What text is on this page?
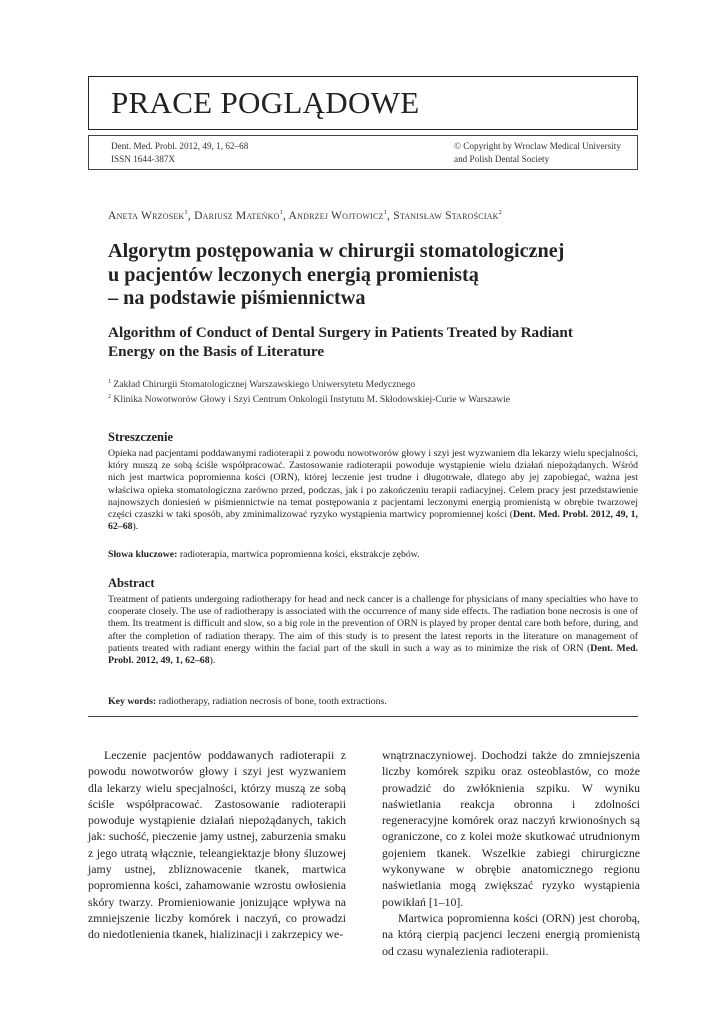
PRACE POGLĄDOWE
Dent. Med. Probl. 2012, 49, 1, 62–68
ISSN 1644-387X
© Copyright by Wroclaw Medical University
and Polish Dental Society
Aneta Wrzosek$^1$, Dariusz Mateńko$^1$, Andrzej Wojtowicz$^1$, Stanisław Starościak$^2$
Algorytm postępowania w chirurgii stomatologicznej
u pacjentów leczonych energią promienistą
– na podstawie piśmiennictwa
Algorithm of Conduct of Dental Surgery in Patients Treated by Radiant
Energy on the Basis of Literature
$^1$ Zakład Chirurgii Stomatologicznej Warszawskiego Uniwersytetu Medycznego
$^2$ Klinika Nowotworów Głowy i Szyi Centrum Onkologii Instytutu M. Skłodowskiej-Curie w Warszawie
Streszczenie
Opieka nad pacjentami poddawanymi radioterapii z powodu nowotworów głowy i szyi jest wyzwaniem dla lekarzy wielu specjalności, który muszą ze sobą ściśle współpracować. Zastosowanie radioterapii powoduje wystąpienie wielu działań niepożądanych. Wśród nich jest martwica popromienna kości (ORN), której leczenie jest trudne i długotrwałe, dlatego aby jej zapobiegać, ważna jest właściwa opieka stomatologiczna zarówno przed, podczas, jak i po zakończeniu terapii radiacyjnej. Celem pracy jest przedstawienie najnowszych doniesień w piśmiennictwie na temat postępowania z pacjentami leczonymi energią promienistą w obrębie twarzowej części czaszki w taki sposób, aby zminimalizować ryzyko wystąpienia martwicy popromiennej kości (Dent. Med. Probl. 2012, 49, 1, 62–68).
Słowa kluczowe: radioterapia, martwica popromienna kości, ekstrakcje zębów.
Abstract
Treatment of patients undergoing radiotherapy for head and neck cancer is a challenge for physicians of many specialties who have to cooperate closely. The use of radiotherapy is associated with the occurrence of many side effects. The radiation bone necrosis is one of them. Its treatment is difficult and slow, so a big role in the prevention of ORN is played by proper dental care both before, during, and after the completion of radiation therapy. The aim of this study is to present the latest reports in the literature on management of patients treated with radiant energy within the facial part of the skull in such a way as to minimize the risk of ORN (Dent. Med. Probl. 2012, 49, 1, 62–68).
Key words: radiotherapy, radiation necrosis of bone, tooth extractions.

Leczenie pacjentów poddawanych radioterapii z powodu nowotworów głowy i szyi jest wyzwaniem dla lekarzy wielu specjalności, którzy muszą ze sobą ściśle współpracować. Zastosowanie radioterapii powoduje wystąpienie działań niepożądanych, takich jak: suchość, pieczenie jamy ustnej, zaburzenia smaku z jego utratą włącznie, teleangiektazje błony śluzowej jamy ustnej, zbliznowacenie tkanek, martwica popromienna kości, zahamowanie wzrostu owłosienia skóry twarzy. Promieniowanie jonizujące wpływa na zmniejszenie liczby komórek i naczyń, co prowadzi do niedotlenienia tkanek, hializinacji i zakrzepicy we-

wnątrznaczyniowej. Dochodzi także do zmniejszenia liczby komórek szpiku oraz osteoblastów, co może prowadzić do zwłóknienia szpiku. W wyniku naświetlania reakcja obronna i zdolności regeneracyjne komórek oraz naczyń krwionośnych są ograniczone, co z kolei może skutkować utrudnionym gojeniem tkanek. Wszelkie zabiegi chirurgiczne wykonywane w obrębie anatomicznego regionu naświetlania mogą zwiększać ryzyko wystąpienia powikłań [1–10].

Martwica popromienna kości (ORN) jest chorobą, na którą cierpią pacjenci leczeni energią promienistą od czasu wynalezienia radioterapii.
